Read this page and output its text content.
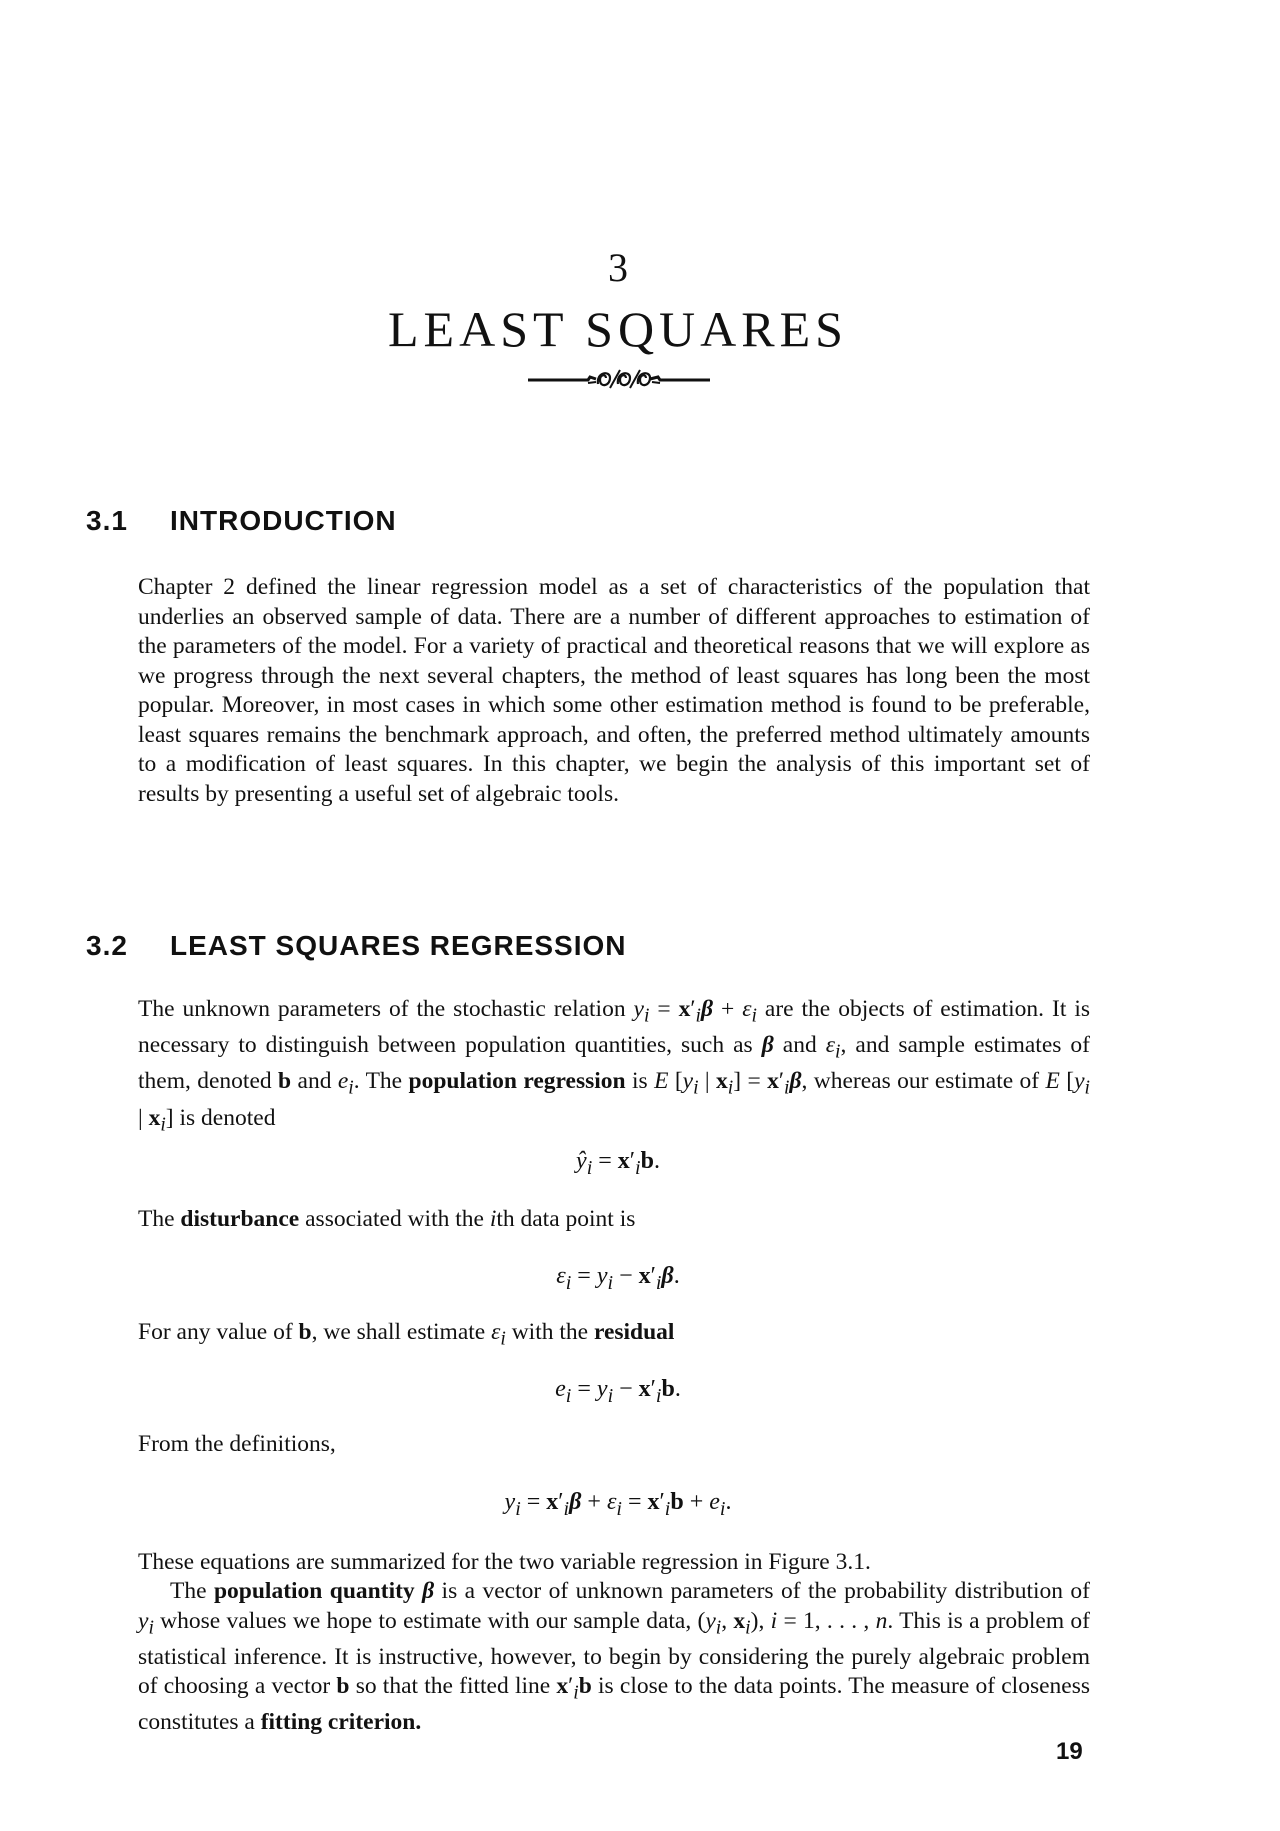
3
LEAST SQUARES
3.1 INTRODUCTION

Chapter 2 defined the linear regression model as a set of characteristics of the population that underlies an observed sample of data. There are a number of different approaches to estimation of the parameters of the model. For a variety of practical and theoretical reasons that we will explore as we progress through the next several chapters, the method of least squares has long been the most popular. Moreover, in most cases in which some other estimation method is found to be preferable, least squares remains the benchmark approach, and often, the preferred method ultimately amounts to a modification of least squares. In this chapter, we begin the analysis of this important set of results by presenting a useful set of algebraic tools.

3.2 LEAST SQUARES REGRESSION

The unknown parameters of the stochastic relation $y_i = x'_i\beta + \varepsilon_i$ are the objects of estimation. It is necessary to distinguish between population quantities, such as β and $\varepsilon_i$, and sample estimates of them, denoted b and $e_i$. The population regression is E [$y_i$ | $x_i] = x'_i\beta$, whereas our estimate of E [$y_i$ | $x_i$] is denoted

$ŷ_i = x'_ib$.

The disturbance associated with the ith data point is

$\varepsilon_i = y_i - x'_i\beta$.

For any value of b, we shall estimate $\varepsilon_i$ with the residual

$e_i = y_i - x'_ib$.

From the definitions,

$y_i = x'_i\beta + \varepsilon_i = x'_ib + e_i$.

These equations are summarized for the two variable regression in Figure 3.1.

The population quantity β is a vector of unknown parameters of the probability distribution of $y_i$ whose values we hope to estimate with our sample data, ($y_i$, $x_i$), i = 1, . . . , n. This is a problem of statistical inference. It is instructive, however, to begin by considering the purely algebraic problem of choosing a vector b so that the fitted line $x'_ib$ is close to the data points. The measure of closeness constitutes a fitting criterion.

19
